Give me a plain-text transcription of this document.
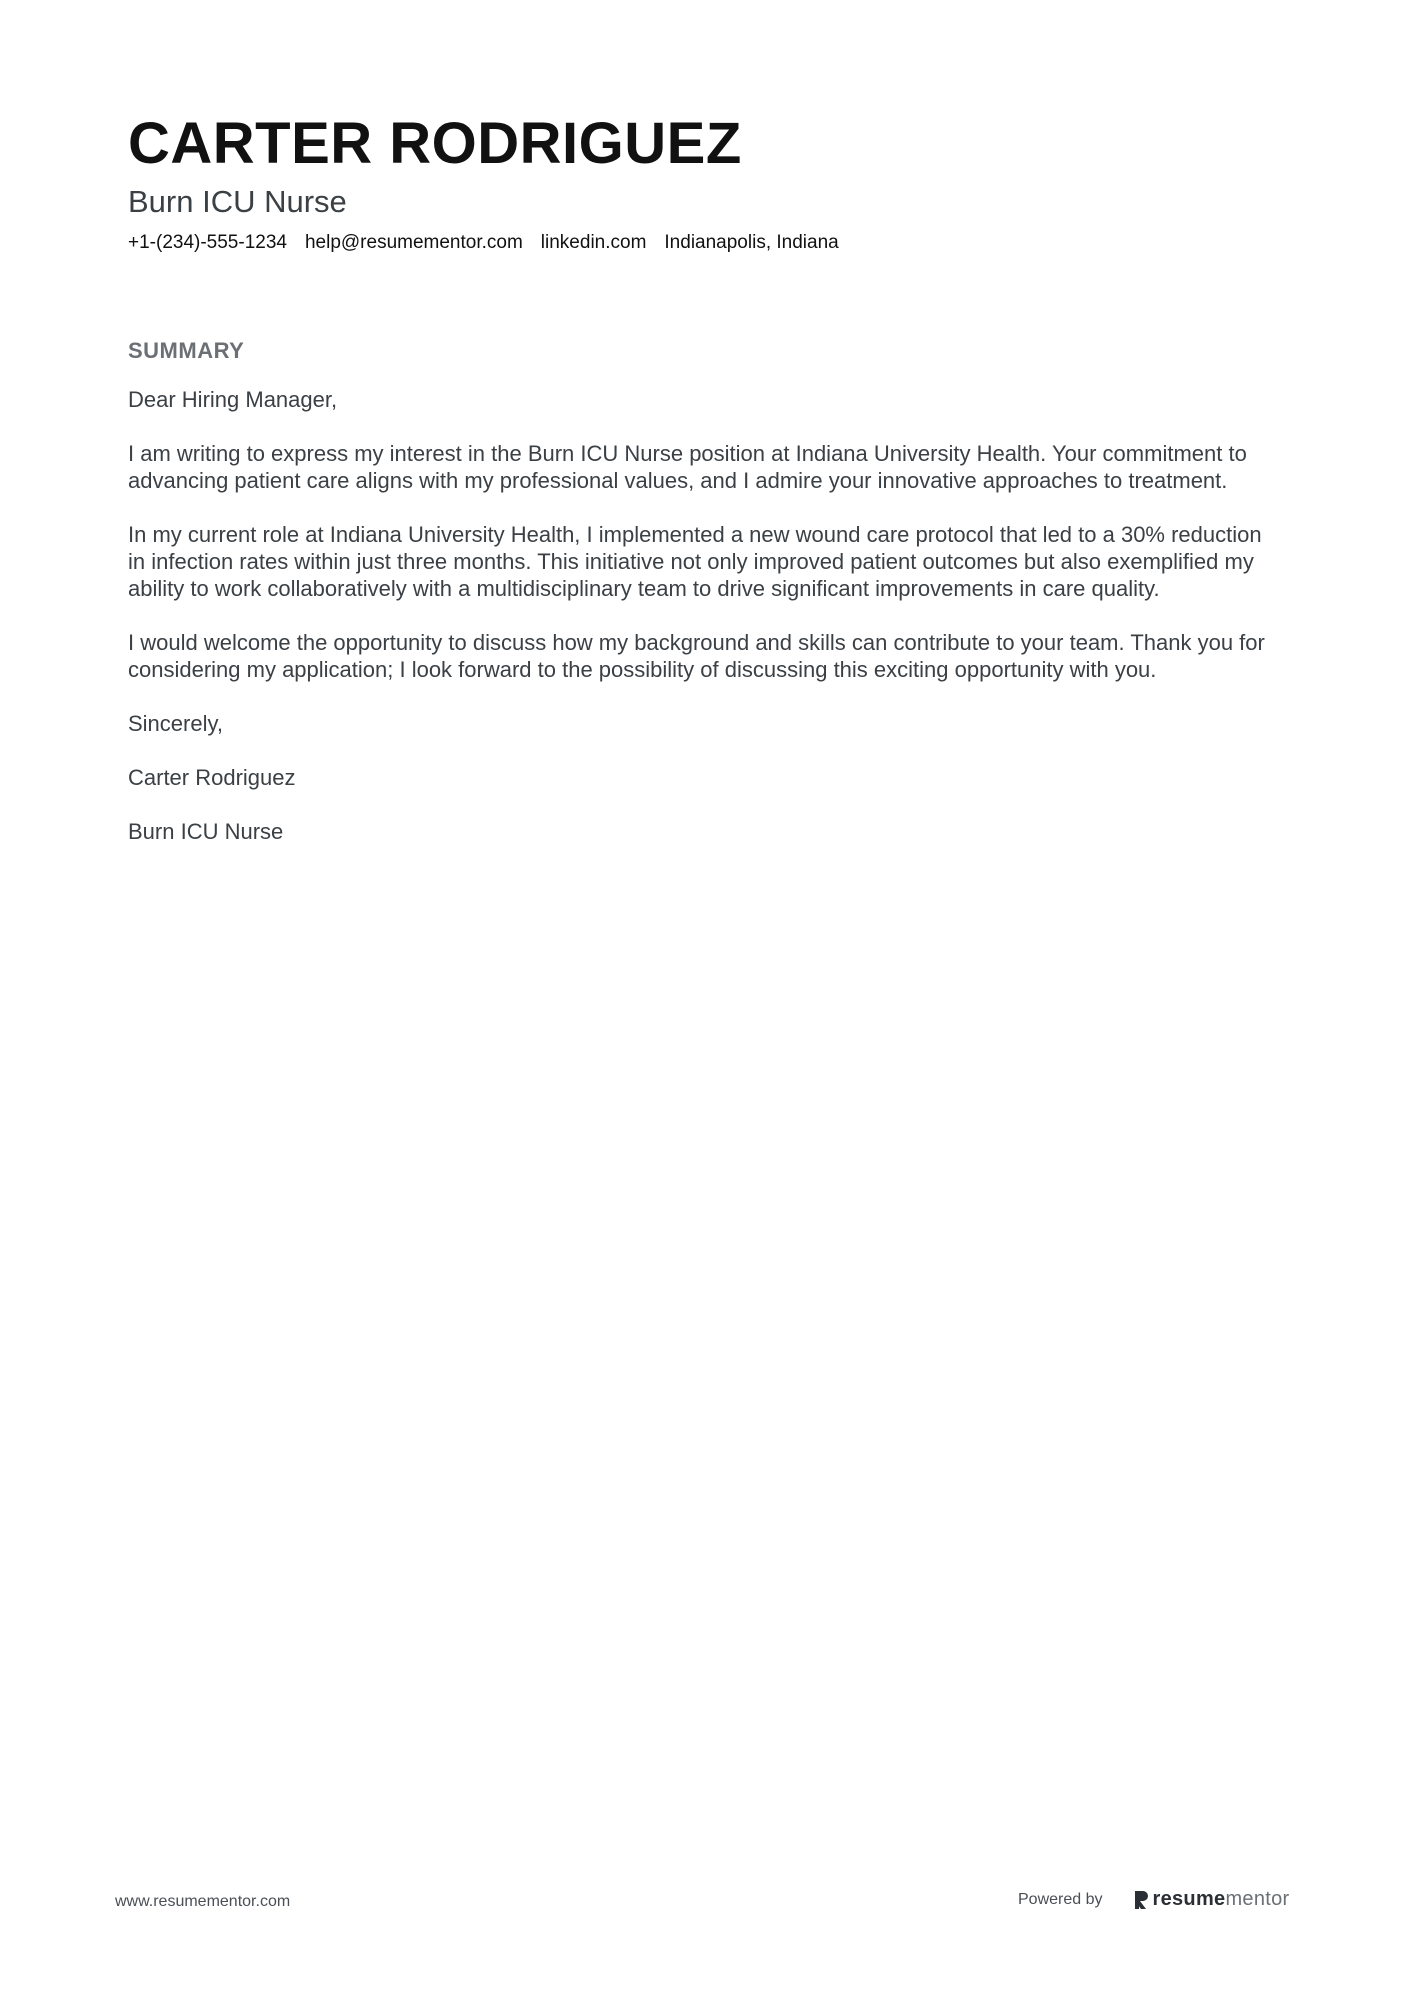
CARTER RODRIGUEZ
Burn ICU Nurse
+1-(234)-555-1234 help@resumementor.com linkedin.com Indianapolis, Indiana
SUMMARY

Dear Hiring Manager,

I am writing to express my interest in the Burn ICU Nurse position at Indiana University Health. Your commitment to advancing patient care aligns with my professional values, and I admire your innovative approaches to treatment.

In my current role at Indiana University Health, I implemented a new wound care protocol that led to a 30% reduction in infection rates within just three months. This initiative not only improved patient outcomes but also exemplified my ability to work collaboratively with a multidisciplinary team to drive significant improvements in care quality.

I would welcome the opportunity to discuss how my background and skills can contribute to your team. Thank you for considering my application; I look forward to the possibility of discussing this exciting opportunity with you.

Sincerely,

Carter Rodriguez

Burn ICU Nurse

www.resumementor.com	Powered by	resume mentor
